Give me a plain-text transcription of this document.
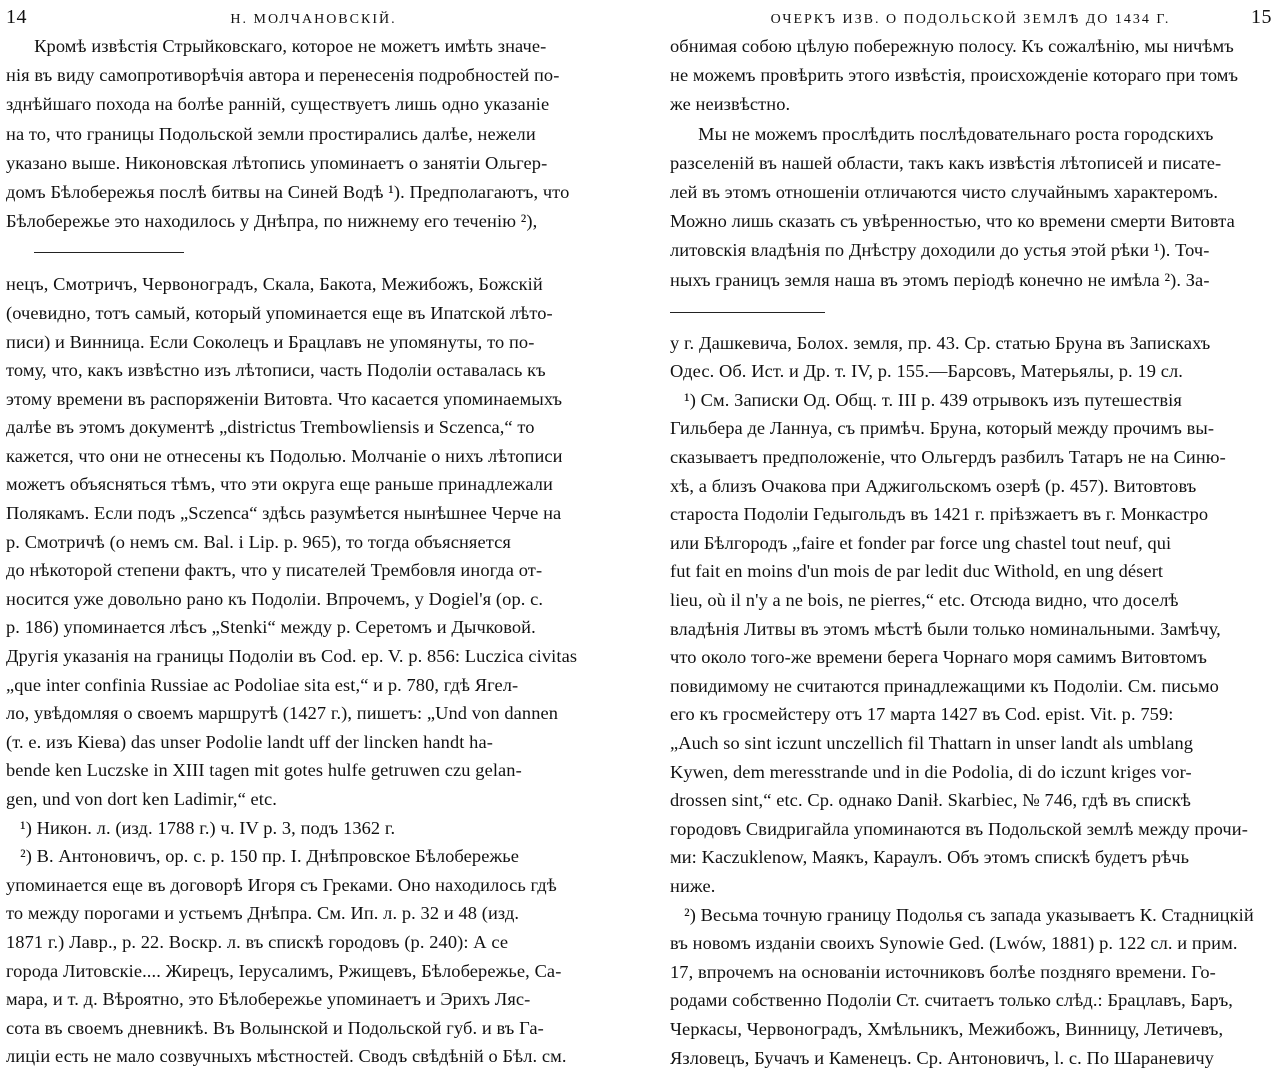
14	Н. МОЛЧАНОВСКІЙ.
Кромѣ извѣстія Стрыйковскаго, которое не можетъ имѣть значе-
нія въ виду самопротиворѣчія автора и перенесенія подробностей по-
зднѣйшаго похода на болѣе ранній, существуетъ лишь одно указаніе
на то, что границы Подольской земли простирались далѣе, нежели
указано выше. Никоновская лѣтопись упоминаетъ о занятіи Ольгер-
домъ Бѣлобережья послѣ битвы на Синей Водѣ ¹). Предполагаютъ, что
Бѣлобережье это находилось у Днѣпра, по нижнему его теченію ²),
нецъ, Смотричъ, Червоноградъ, Скала, Бакота, Межибожъ, Божскій
(очевидно, тотъ самый, который упоминается еще въ Ипатской лѣто-
писи) и Винница. Если Соколецъ и Брацлавъ не упомянуты, то по-
тому, что, какъ извѣстно изъ лѣтописи, часть Подоліи оставалась къ
этому времени въ распоряженіи Витовта. Что касается упоминаемыхъ
далѣе въ этомъ документѣ „districtus Trembowliensis и Sczenca,“ то
кажется, что они не отнесены къ Подолью. Молчаніе о нихъ лѣтописи
можетъ объясняться тѣмъ, что эти округа еще раньше принадлежали
Полякамъ. Если подъ „Sczenca“ здѣсь разумѣется нынѣшнее Черче на
р. Смотричѣ (о немъ см. Bal. i Lip. p. 965), то тогда объясняется
до нѣкоторой степени фактъ, что у писателей Трембовля иногда от-
носится уже довольно рано къ Подоліи. Впрочемъ, у Dogiel'я (op. c.
p. 186) упоминается лѣсъ „Stenki“ между р. Серетомъ и Дычковой.
Другія указанія на границы Подоліи въ Cod. ep. V. p. 856: Luczica civitas
„que inter confinia Russiae ac Podoliae sita est,“ и p. 780, гдѣ Ягел-
ло, увѣдомляя о своемъ маршрутѣ (1427 г.), пишетъ: „Und von dannen
(т. е. изъ Кіева) das unser Podolie landt uff der lincken handt ha-
bende ken Luczske in XIII tagen mit gotes hulfe getruwen czu gelan-
gen, und von dort ken Ladimir,“ etc.
¹) Никон. л. (изд. 1788 г.) ч. IV p. 3, подъ 1362 г.
²) В. Антоновичъ, op. c. p. 150 пр. I. Днѣпровское Бѣлобережье
упоминается еще въ договорѣ Игоря съ Греками. Оно находилось гдѣ
то между порогами и устьемъ Днѣпра. См. Ип. л. p. 32 и 48 (изд.
1871 г.) Лавр., p. 22. Воскр. л. въ спискѣ городовъ (p. 240): А се
города Литовскіе.... Жирецъ, Іерусалимъ, Ржищевъ, Бѣлобережье, Са-
мара, и т. д. Вѣроятно, это Бѣлобережье упоминаетъ и Эрихъ Ляс-
сота въ своемъ дневникѣ. Въ Волынской и Подольской губ. и въ Га-
лиціи есть не мало созвучныхъ мѣстностей. Сводъ свѣдѣній о Бѣл. см.
ОЧЕРКЪ ИЗВ. О ПОДОЛЬСКОЙ ЗЕМЛѢ ДО 1434 Г.	15
обнимая собою цѣлую побережную полосу. Къ сожалѣнію, мы ничѣмъ
не можемъ провѣрить этого извѣстія, происхожденіе котораго при томъ
же неизвѣстно.
Мы не можемъ прослѣдить послѣдовательнаго роста городскихъ
разселеній въ нашей области, такъ какъ извѣстія лѣтописей и писате-
лей въ этомъ отношеніи отличаются чисто случайнымъ характеромъ.
Можно лишь сказать съ увѣренностью, что ко времени смерти Витовта
литовскія владѣнія по Днѣстру доходили до устья этой рѣки ¹). Точ-
ныхъ границъ земля наша въ этомъ періодѣ конечно не имѣла ²). За-
у г. Дашкевича, Болох. земля, пр. 43. Ср. статью Бруна въ Запискахъ
Одес. Об. Ист. и Др. т. IV, p. 155.—Барсовъ, Матерьялы, p. 19 сл.
¹) См. Записки Од. Общ. т. III p. 439 отрывокъ изъ путешествія
Гильбера де Ланнуа, съ примѣч. Бруна, который между прочимъ вы-
сказываетъ предположеніе, что Ольгердъ разбилъ Татаръ не на Синю-
хѣ, а близъ Очакова при Аджигольскомъ озерѣ (p. 457). Витовтовъ
староста Подоліи Гедыгольдъ въ 1421 г. пріѣзжаетъ въ г. Монкастро
или Бѣлгородъ „faire et fonder par force ung chastel tout neuf, qui
fut fait en moins d'un mois de par ledit duc Withold, en ung désert
lieu, où il n'y a ne bois, ne pierres,“ etc. Отсюда видно, что доселѣ
владѣнія Литвы въ этомъ мѣстѣ были только номинальными. Замѣчу,
что около того-же времени берега Чорнаго моря самимъ Витовтомъ
повидимому не считаются принадлежащими къ Подоліи. См. письмо
его къ гросмейстеру отъ 17 марта 1427 въ Cod. epist. Vit. p. 759:
„Auch so sint iczunt unczellich fil Thattarn in unser landt als umblang
Kywen, dem meresstrande und in die Podolia, di do iczunt kriges vor-
drossen sint,“ etc. Ср. однако Danił. Skarbiec, № 746, гдѣ въ спискѣ
городовъ Свидригайла упоминаются въ Подольской землѣ между прочи-
ми: Kaczuklenow, Маякъ, Караулъ. Объ этомъ спискѣ будетъ рѣчь
ниже.
²) Весьма точную границу Подолья съ запада указываетъ К. Стадницкій
въ новомъ изданіи своихъ Synowie Ged. (Lwów, 1881) p. 122 сл. и прим.
17, впрочемъ на основаніи источниковъ болѣе поздняго времени. Го-
родами собственно Подоліи Ст. считаетъ только слѣд.: Брацлавъ, Баръ,
Черкасы, Червоноградъ, Хмѣльникъ, Межибожъ, Винницу, Летичевъ,
Язловецъ, Бучачъ и Каменецъ. Ср. Антоновичъ, l. c. По Шараневичу
